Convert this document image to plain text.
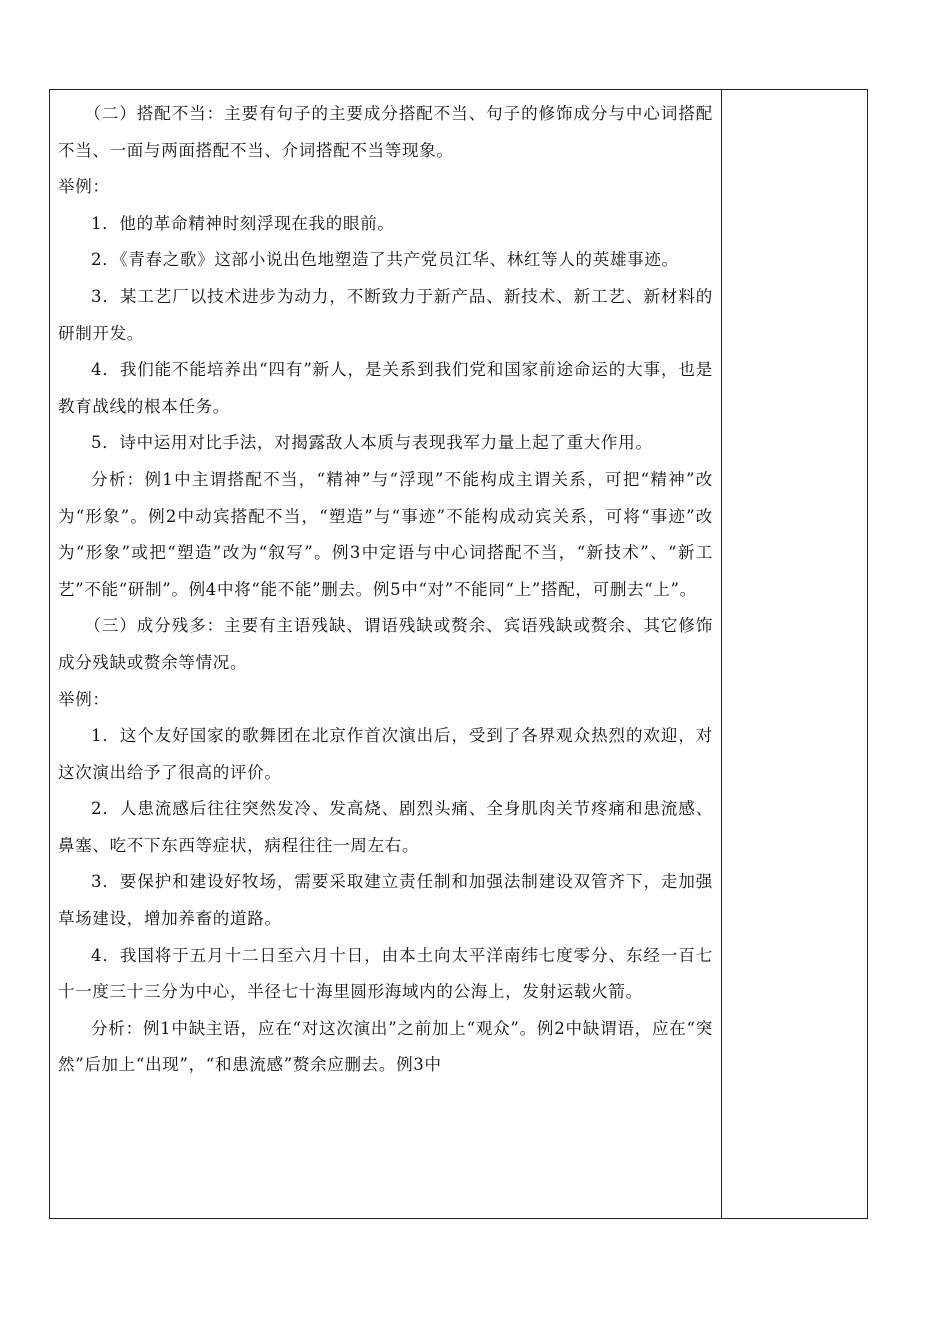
（二）搭配不当：主要有句子的主要成分搭配不当、句子的修饰成分与中心词搭配不当、一面与两面搭配不当、介词搭配不当等现象。

举例：

1．他的革命精神时刻浮现在我的眼前。

2．《青春之歌》这部小说出色地塑造了共产党员江华、林红等人的英雄事迹。

3．某工艺厂以技术进步为动力，不断致力于新产品、新技术、新工艺、新材料的研制开发。

4．我们能不能培养出“四有”新人，是关系到我们党和国家前途命运的大事，也是教育战线的根本任务。

5．诗中运用对比手法，对揭露敌人本质与表现我军力量上起了重大作用。

分析：例1中主谓搭配不当，“精神”与“浮现”不能构成主谓关系，可把“精神”改为“形象”。例2中动宾搭配不当，“塑造”与“事迹”不能构成动宾关系，可将“事迹”改为“形象”或把“塑造”改为“叙写”。例3中定语与中心词搭配不当，“新技术”、“新工艺”不能“研制”。例4中将“能不能”删去。例5中“对”不能同“上”搭配，可删去“上”。

（三）成分残多：主要有主语残缺、谓语残缺或赘余、宾语残缺或赘余、其它修饰成分残缺或赘余等情况。

举例：

1．这个友好国家的歌舞团在北京作首次演出后，受到了各界观众热烈的欢迎，对这次演出给予了很高的评价。

2．人患流感后往往突然发冷、发高烧、剧烈头痛、全身肌肉关节疼痛和患流感、鼻塞、吃不下东西等症状，病程往往一周左右。

3．要保护和建设好牧场，需要采取建立责任制和加强法制建设双管齐下，走加强草场建设，增加养畜的道路。

4．我国将于五月十二日至六月十日，由本土向太平洋南纬七度零分、东经一百七十一度三十三分为中心，半径七十海里圆形海域内的公海上，发射运载火箭。

分析：例1中缺主语，应在“对这次演出”之前加上“观众”。例2中缺谓语，应在“突然”后加上“出现”，“和患流感”赘余应删去。例3中
